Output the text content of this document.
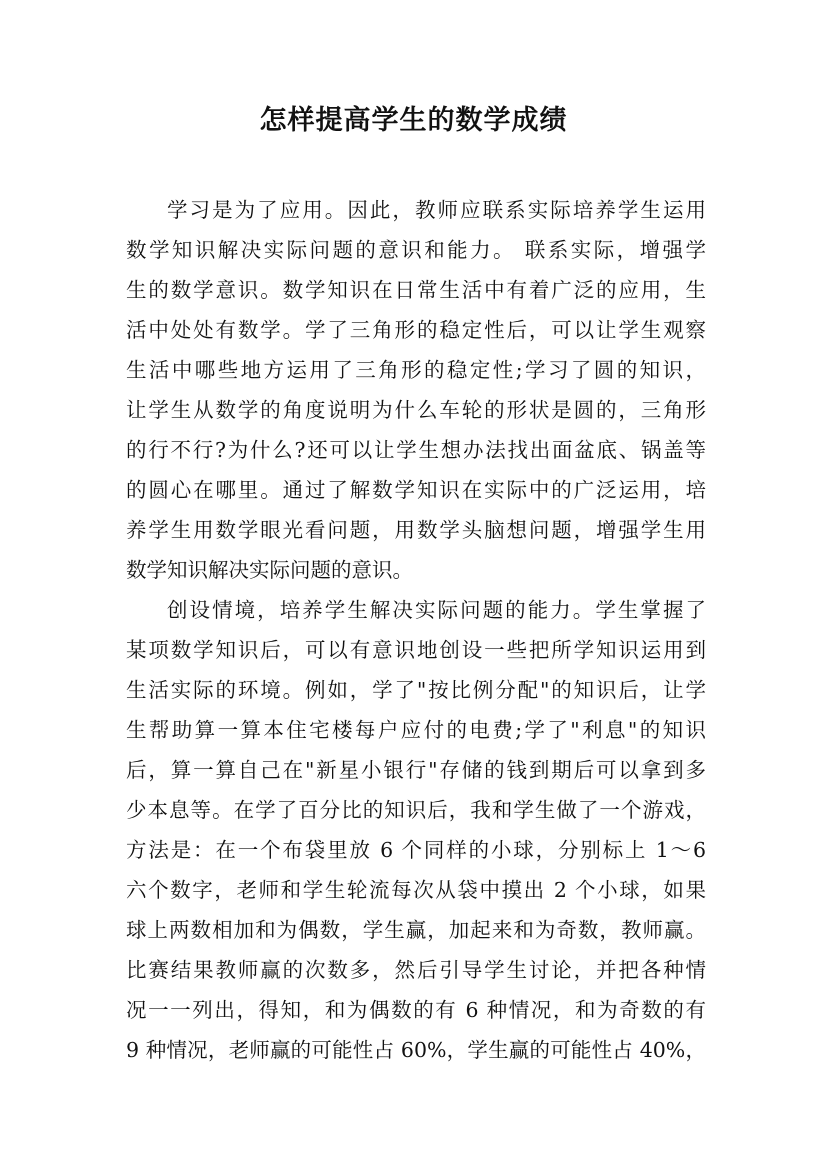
怎样提高学生的数学成绩
学习是为了应用。因此，教师应联系实际培养学生运用
数学知识解决实际问题的意识和能力。 联系实际，增强学
生的数学意识。数学知识在日常生活中有着广泛的应用，生
活中处处有数学。学了三角形的稳定性后，可以让学生观察
生活中哪些地方运用了三角形的稳定性;学习了圆的知识，
让学生从数学的角度说明为什么车轮的形状是圆的，三角形
的行不行?为什么?还可以让学生想办法找出面盆底、锅盖等
的圆心在哪里。通过了解数学知识在实际中的广泛运用，培
养学生用数学眼光看问题，用数学头脑想问题，增强学生用
数学知识解决实际问题的意识。
创设情境，培养学生解决实际问题的能力。学生掌握了
某项数学知识后，可以有意识地创设一些把所学知识运用到
生活实际的环境。例如，学了"按比例分配"的知识后，让学
生帮助算一算本住宅楼每户应付的电费;学了"利息"的知识
后，算一算自己在"新星小银行"存储的钱到期后可以拿到多
少本息等。在学了百分比的知识后，我和学生做了一个游戏，
方法是：在一个布袋里放 6 个同样的小球，分别标上 1～6
六个数字，老师和学生轮流每次从袋中摸出 2 个小球，如果
球上两数相加和为偶数，学生赢，加起来和为奇数，教师赢。
比赛结果教师赢的次数多，然后引导学生讨论，并把各种情
况一一列出，得知，和为偶数的有 6 种情况，和为奇数的有
9 种情况，老师赢的可能性占 60%，学生赢的可能性占 40%，
